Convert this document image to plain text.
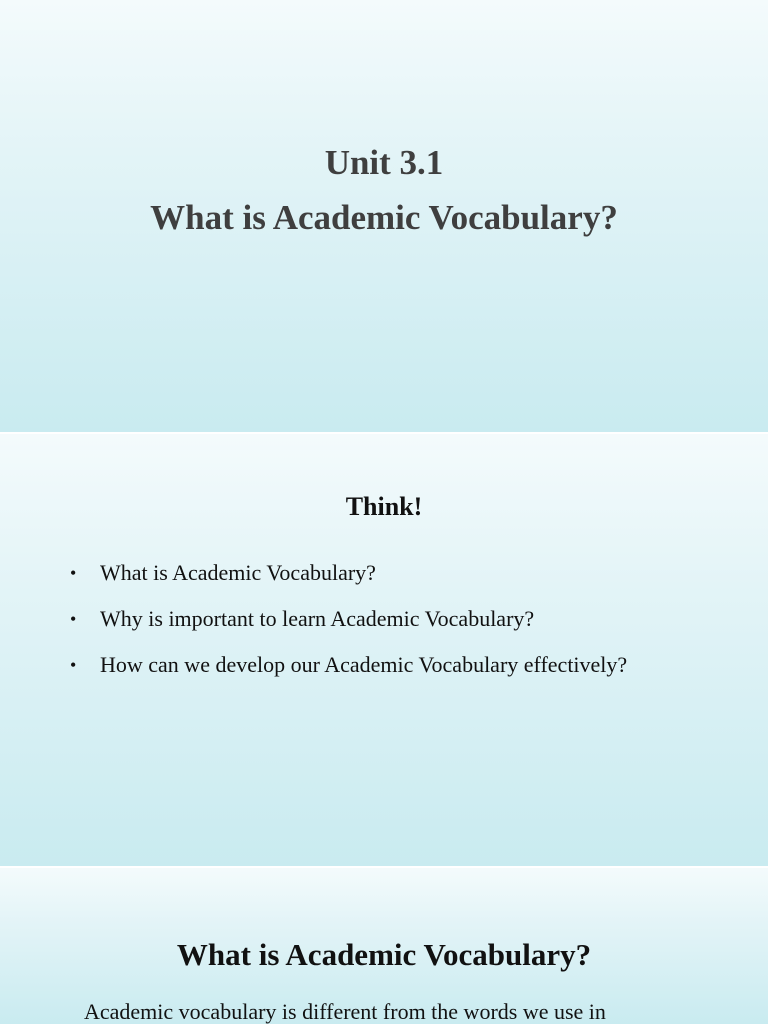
Unit 3.1
What is Academic Vocabulary?
Think!
• What is Academic Vocabulary?
• Why is important to learn Academic Vocabulary?
• How can we develop our Academic Vocabulary effectively?
What is Academic Vocabulary?
Academic vocabulary is different from the words we use in
